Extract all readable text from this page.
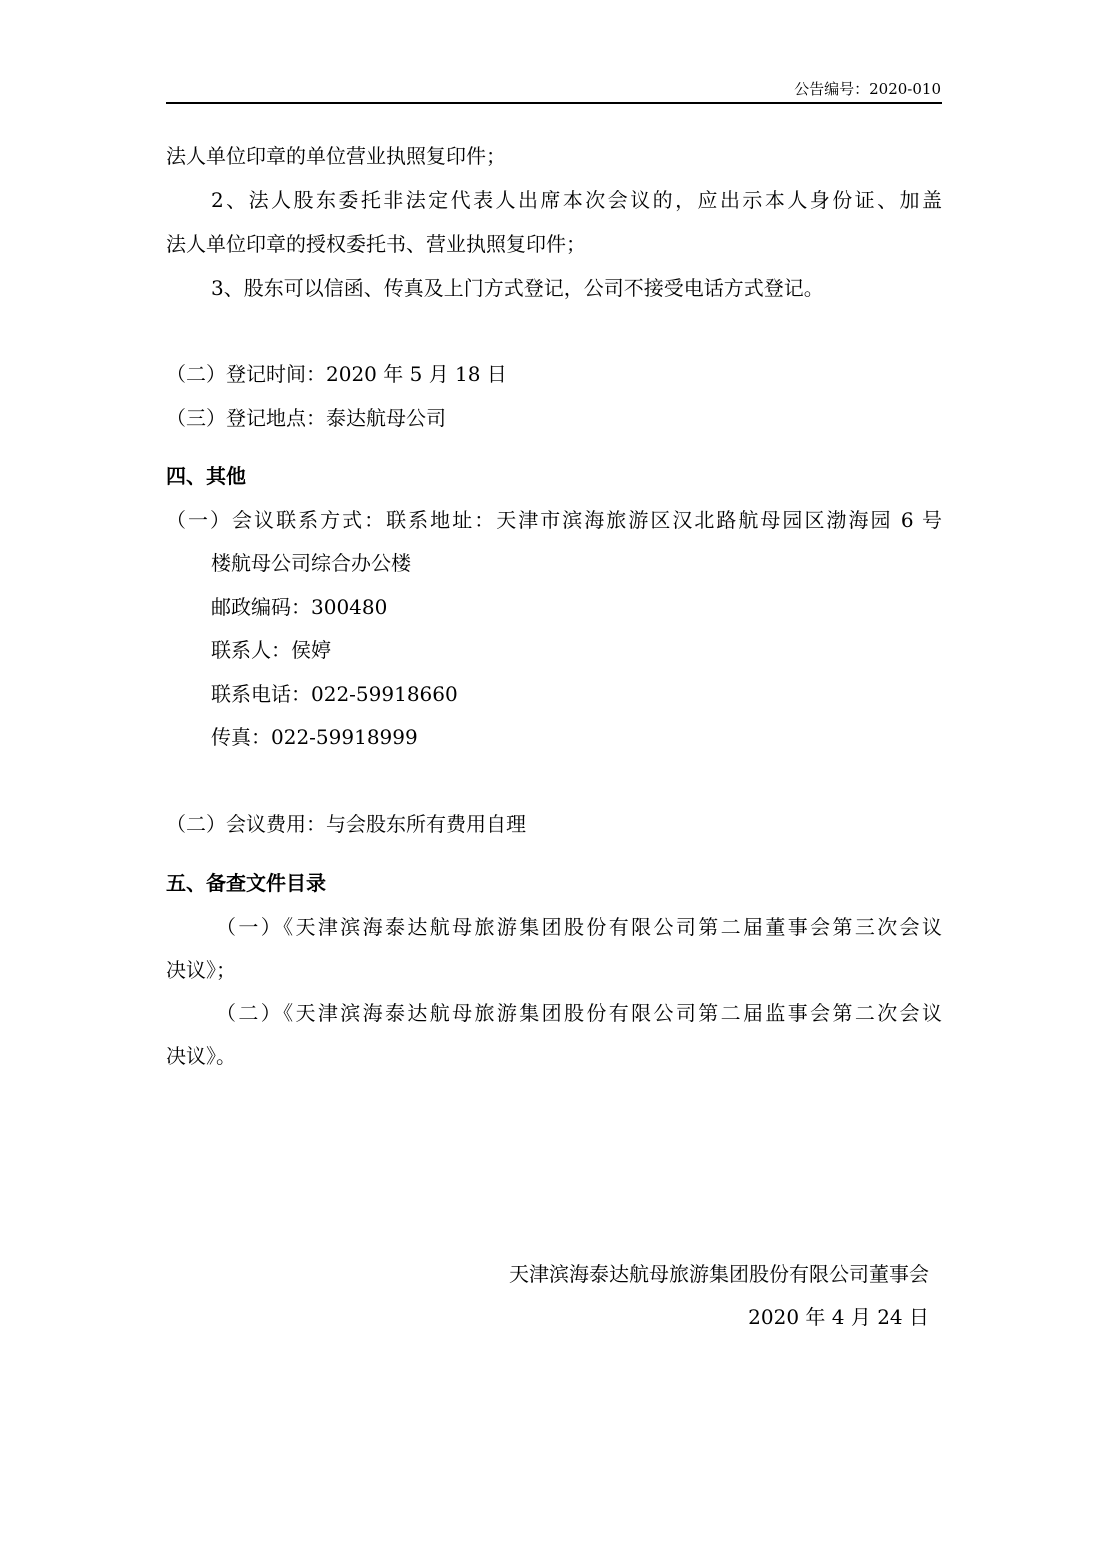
公告编号：2020-010
法人单位印章的单位营业执照复印件；
2、法人股东委托非法定代表人出席本次会议的，应出示本人身份证、加盖
法人单位印章的授权委托书、营业执照复印件；
3、股东可以信函、传真及上门方式登记，公司不接受电话方式登记。
（二）登记时间：2020 年 5 月 18 日
（三）登记地点：泰达航母公司
四、其他
（一）会议联系方式：联系地址：天津市滨海旅游区汉北路航母园区渤海园 6 号
楼航母公司综合办公楼
邮政编码：300480
联系人：侯婷
联系电话：022-59918660
传真：022-59918999
（二）会议费用：与会股东所有费用自理
五、备查文件目录
（一）《天津滨海泰达航母旅游集团股份有限公司第二届董事会第三次会议
决议》；
（二）《天津滨海泰达航母旅游集团股份有限公司第二届监事会第二次会议
决议》。
天津滨海泰达航母旅游集团股份有限公司董事会
2020 年 4 月 24 日
